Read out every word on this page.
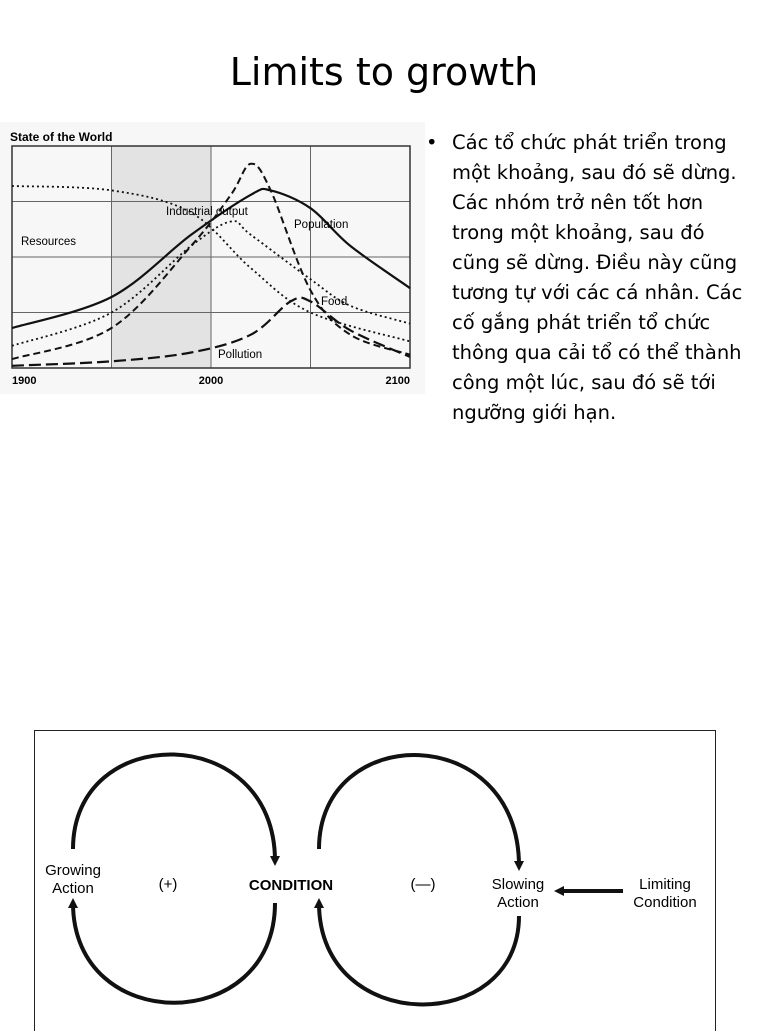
Limits to growth
State of the World
1900	2000	2100
Resources
Industrial output
Population
Food
Pollution
• Các tổ chức phát triển trong một khoảng, sau đó sẽ dừng. Các nhóm trở nên tốt hơn trong một khoảng, sau đó cũng sẽ dừng. Điều này cũng tương tự với các cá nhân. Các cố gắng phát triển tổ chức thông qua cải tổ có thể thành công một lúc, sau đó sẽ tới ngưỡng giới hạn.
Growing
Action	(+)	CONDITION	(—)	Slowing
Action
Limiting
Condition
